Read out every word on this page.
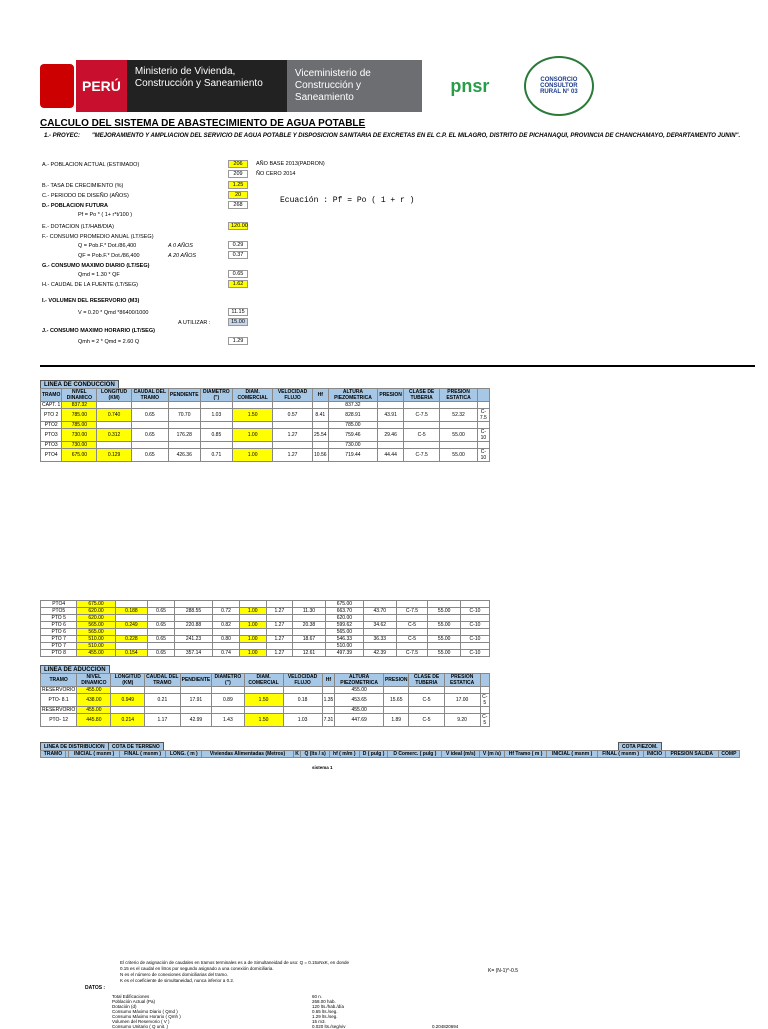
PERÚ
Ministerio de Vivienda, Construcción y Saneamiento
Viceministerio de Construcción y Saneamiento
pnsr	CONSORCIO CONSULTOR RURAL N° 03
CALCULO DEL SISTEMA DE ABASTECIMIENTO DE AGUA POTABLE
1.- PROYEC:	"MEJORAMIENTO Y AMPLIACION DEL SERVICIO DE AGUA POTABLE Y DISPOSICION SANITARIA DE EXCRETAS EN EL C.P. EL MILAGRO, DISTRITO DE PICHANAQUI, PROVINCIA DE CHANCHAMAYO, DEPARTAMENTO JUNIN".
A.- POBLACION ACTUAL (ESTIMADO)	206	AÑO BASE 2013(PADRON)
209	ÑO CERO 2014
B.- TASA DE CRECIMIENTO (%)	1.25
C.- PERIODO DE DISEÑO (AÑOS)	20
D.- POBLACION FUTURA	268
Pf = Po * ( 1+ r*t/100 )
Ecuación : Pf = Po ( 1 + r )
E.- DOTACION (LT/HAB/DIA)	120.00
F.- CONSUMO PROMEDIO ANUAL (LT/SEG)
Q = Pob.F.* Dot./86,400	A 0 AÑOS	0.29
QF = Pob.F.* Dot./86,400	A 20 AÑOS	0.37
G.- CONSUMO MAXIMO DIARIO (LT/SEG)
Qmd = 1.30 * QF	0.65
H.- CAUDAL DE LA FUENTE (LT/SEG)	1.62
I.- VOLUMEN DEL RESERVORIO (M3)
V = 0.20 * Qmd *86400/1000	11.15
A UTILIZAR :	15.00
J.- CONSUMO MAXIMO HORARIO (LT/SEG)
Qmh = 2 * Qmd = 2.60 Q	1.29
LINEA DE CONDUCCION
TRAMO	NIVEL DINAMICO	LONGITUD (KM)	CAUDAL DEL TRAMO	PENDIENTE	DIAMETRO (")	DIAM. COMERCIAL	VELOCIDAD FLUJO	Hf	ALTURA PIEZOMETRICA	PRESION	CLASE DE TUBERIA	PRESION ESTATICA	
CAPT. 1	837.32								837.32				
PTO 2	785.00	0.740	0.65	70.70	1.03	1.50	0.57	8.41	828.91	43.91	C-7.5	52.32	C-7.5
PTO2	785.00								785.00				
PTO3	730.00	0.312	0.65	176.28	0.85	1.00	1.27	25.54	759.46	29.46	C-5	55.00	C-10
PTO3	730.00								730.00				
PTO4	675.00	0.129	0.65	426.36	0.71	1.00	1.27	10.56	719.44	44.44	C-7.5	55.00	C-10
PTO4	675.00								675.00				
PTO5	620.00	0.188	0.65	288.55	0.72	1.00	1.27	11.30	663.70	43.70	C-7.5	55.00	C-10
PTO 5	620.00								620.00				
PTO 6	565.00	0.249	0.65	220.88	0.82	1.00	1.27	20.38	599.62	34.62	C-5	55.00	C-10
PTO 6	565.00								565.00				
PTO 7	510.00	0.228	0.65	241.23	0.80	1.00	1.27	18.67	546.33	36.33	C-5	55.00	C-10
PTO 7	510.00								510.00				
PTO 8	455.00	0.154	0.65	357.14	0.74	1.00	1.27	12.61	497.39	42.39	C-7.5	55.00	C-10
LINEA DE ADUCCION
TRAMO	NIVEL DINAMICO	LONGITUD (KM)	CAUDAL DEL TRAMO	PENDIENTE	DIAMETRO (")	DIAM. COMERCIAL	VELOCIDAD FLUJO	Hf	ALTURA PIEZOMETRICA	PRESION	CLASE DE TUBERIA	PRESION ESTATICA	
RESERVORIO	455.00								455.00				
PTO- 8.1	438.00	0.949	0.21	17.91	0.89	1.50	0.18	1.35	453.65	15.65	C-5	17.00	C-5
RESERVORIO	455.00								455.00				
PTO- 12	445.80	0.214	1.17	42.99	1.43	1.50	1.03	7.31	447.69	1.89	C-5	9.20	C-5
LINEA DE DISTRIBUCION	COTA DE TERRENO	COTA PIEZOM.
TRAMO		INICIAL ( msnm )	FINAL ( msnm )	LONG. ( m )	Viviendas Alimentadas (Metros)	K	Q (lts / s)	hf ( m/m )	D ( pulg )	D Comerc. ( pulg )	V ideal (m/s)	V (m /s)	Hf Tramo ( m )	INICIAL ( msnm )	FINAL ( msnm )	INICIO	PRESION SALIDA	COMP
sistema 1
El criterio de asignación de caudales en tramos terminales es a de Simultaneidad de uso: Q = 0.15xNxK, en donde
0.15 es el caudal en litros por segundo asignado a una conexión domiciliaria.
N es el número de conexiones domiciliarias del tramo.
K es el coeficiente de simultaneidad, nunca inferior a 0.2.
K= (N-1)^-0.5
DATOS :
Total Edificaciones	60 n.
Población Actual (Pa)	268.00 hab.
Dotación (d)	120 lts./hab./día
Consumo Máximo Diario ( Qmd )	0.65 lts./seg.
Consumo Máximo Horario ( Qmh )	1.29 lts./seg.
Volumen del Reservorio ( V )	15 m3.
Consumo Unitario ( Q unit. )	0.020 lts./seg/viv	0.204820694
